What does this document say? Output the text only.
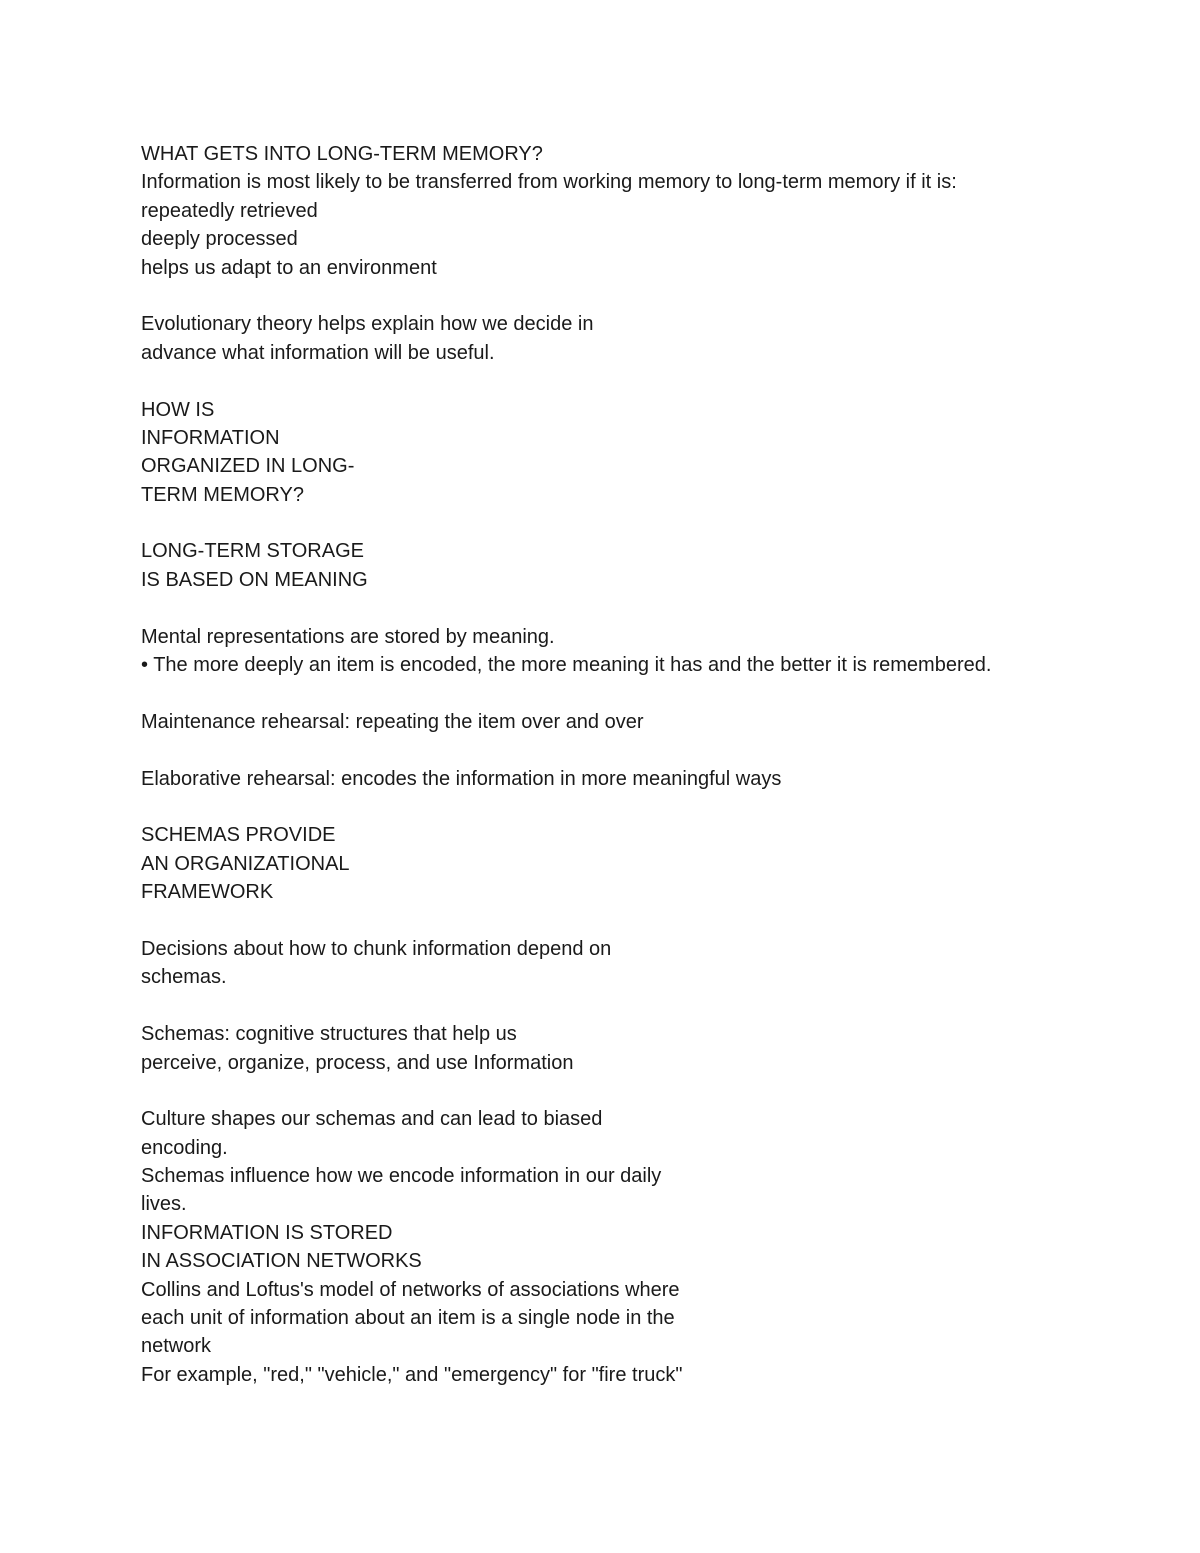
WHAT GETS INTO LONG-TERM MEMORY?
Information is most likely to be transferred from working memory to long-term memory if it is:
repeatedly retrieved
deeply processed
helps us adapt to an environment
Evolutionary theory helps explain how we decide in
advance what information will be useful.
HOW IS
INFORMATION
ORGANIZED IN LONG-
TERM MEMORY?
LONG-TERM STORAGE
IS BASED ON MEANING
Mental representations are stored by meaning.
• The more deeply an item is encoded, the more meaning it has and the better it is remembered.
Maintenance rehearsal: repeating the item over and over
Elaborative rehearsal: encodes the information in more meaningful ways
SCHEMAS PROVIDE
AN ORGANIZATIONAL
FRAMEWORK
Decisions about how to chunk information depend on
schemas.
Schemas: cognitive structures that help us
perceive, organize, process, and use Information
Culture shapes our schemas and can lead to biased
encoding.
Schemas influence how we encode information in our daily
lives.
INFORMATION IS STORED
IN ASSOCIATION NETWORKS
Collins and Loftus's model of networks of associations where
each unit of information about an item is a single node in the
network
For example, "red," "vehicle," and "emergency" for "fire truck"
